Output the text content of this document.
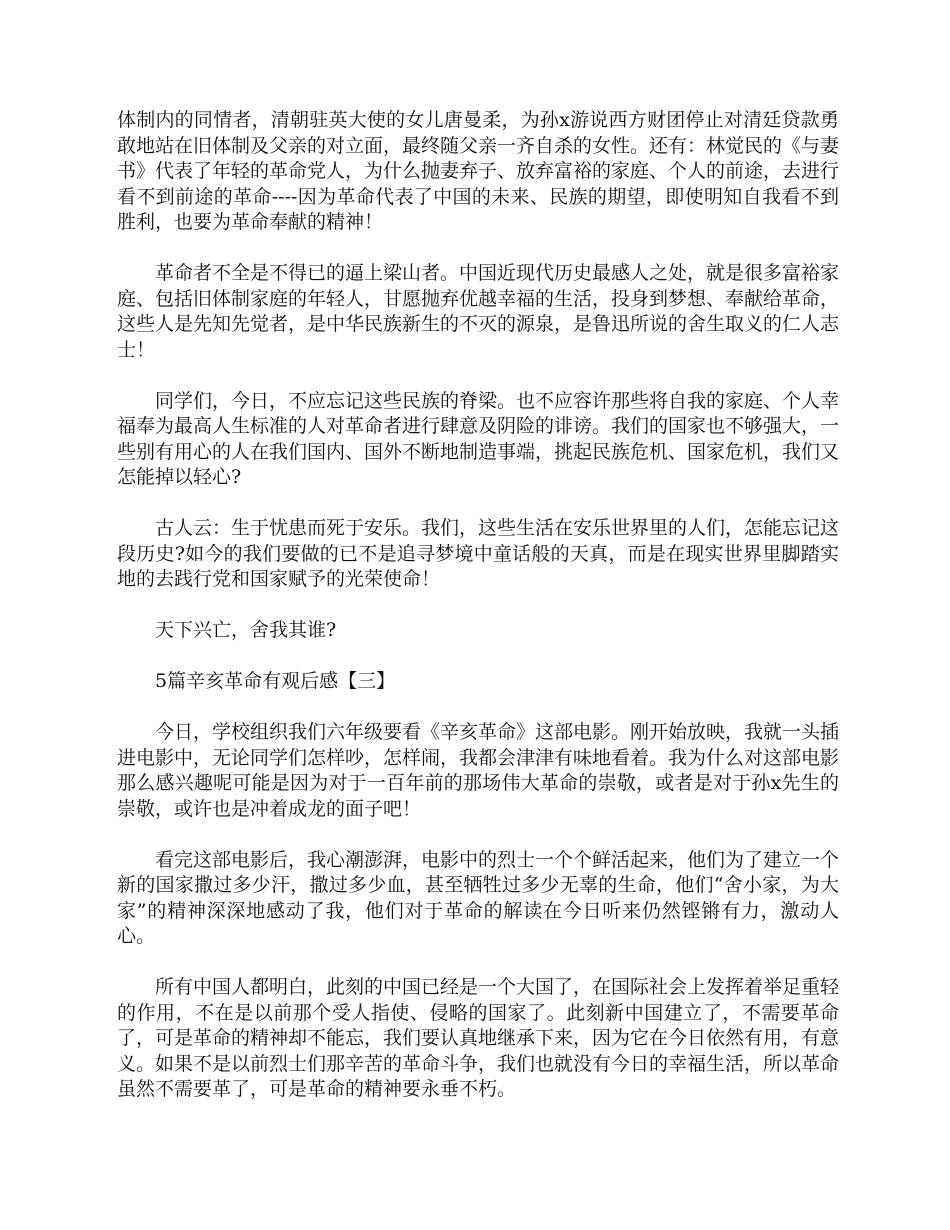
体制内的同情者，清朝驻英大使的女儿唐曼柔，为孙x游说西方财团停止对清廷贷款勇敢地站在旧体制及父亲的对立面，最终随父亲一齐自杀的女性。还有：林觉民的《与妻书》代表了年轻的革命党人，为什么抛妻弃子、放弃富裕的家庭、个人的前途，去进行看不到前途的革命----因为革命代表了中国的未来、民族的期望，即使明知自我看不到胜利，也要为革命奉献的精神！

革命者不全是不得已的逼上梁山者。中国近现代历史最感人之处，就是很多富裕家庭、包括旧体制家庭的年轻人，甘愿抛弃优越幸福的生活，投身到梦想、奉献给革命，这些人是先知先觉者，是中华民族新生的不灭的源泉，是鲁迅所说的舍生取义的仁人志士！

同学们，今日，不应忘记这些民族的脊梁。也不应容许那些将自我的家庭、个人幸福奉为最高人生标准的人对革命者进行肆意及阴险的诽谤。我们的国家也不够强大，一些别有用心的人在我们国内、国外不断地制造事端，挑起民族危机、国家危机，我们又怎能掉以轻心?

古人云：生于忧患而死于安乐。我们，这些生活在安乐世界里的人们，怎能忘记这段历史?如今的我们要做的已不是追寻梦境中童话般的天真，而是在现实世界里脚踏实地的去践行党和国家赋予的光荣使命！

天下兴亡，舍我其谁?

5篇辛亥革命有观后感【三】

今日，学校组织我们六年级要看《辛亥革命》这部电影。刚开始放映，我就一头插进电影中，无论同学们怎样吵，怎样闹，我都会津津有味地看着。我为什么对这部电影那么感兴趣呢可能是因为对于一百年前的那场伟大革命的崇敬，或者是对于孙x先生的崇敬，或许也是冲着成龙的面子吧！

看完这部电影后，我心潮澎湃，电影中的烈士一个个鲜活起来，他们为了建立一个新的国家撒过多少汗，撒过多少血，甚至牺牲过多少无辜的生命，他们“舍小家，为大家”的精神深深地感动了我，他们对于革命的解读在今日听来仍然铿锵有力，激动人心。

所有中国人都明白，此刻的中国已经是一个大国了，在国际社会上发挥着举足重轻的作用，不在是以前那个受人指使、侵略的国家了。此刻新中国建立了，不需要革命了，可是革命的精神却不能忘，我们要认真地继承下来，因为它在今日依然有用，有意义。如果不是以前烈士们那辛苦的革命斗争，我们也就没有今日的幸福生活，所以革命虽然不需要革了，可是革命的精神要永垂不朽。
